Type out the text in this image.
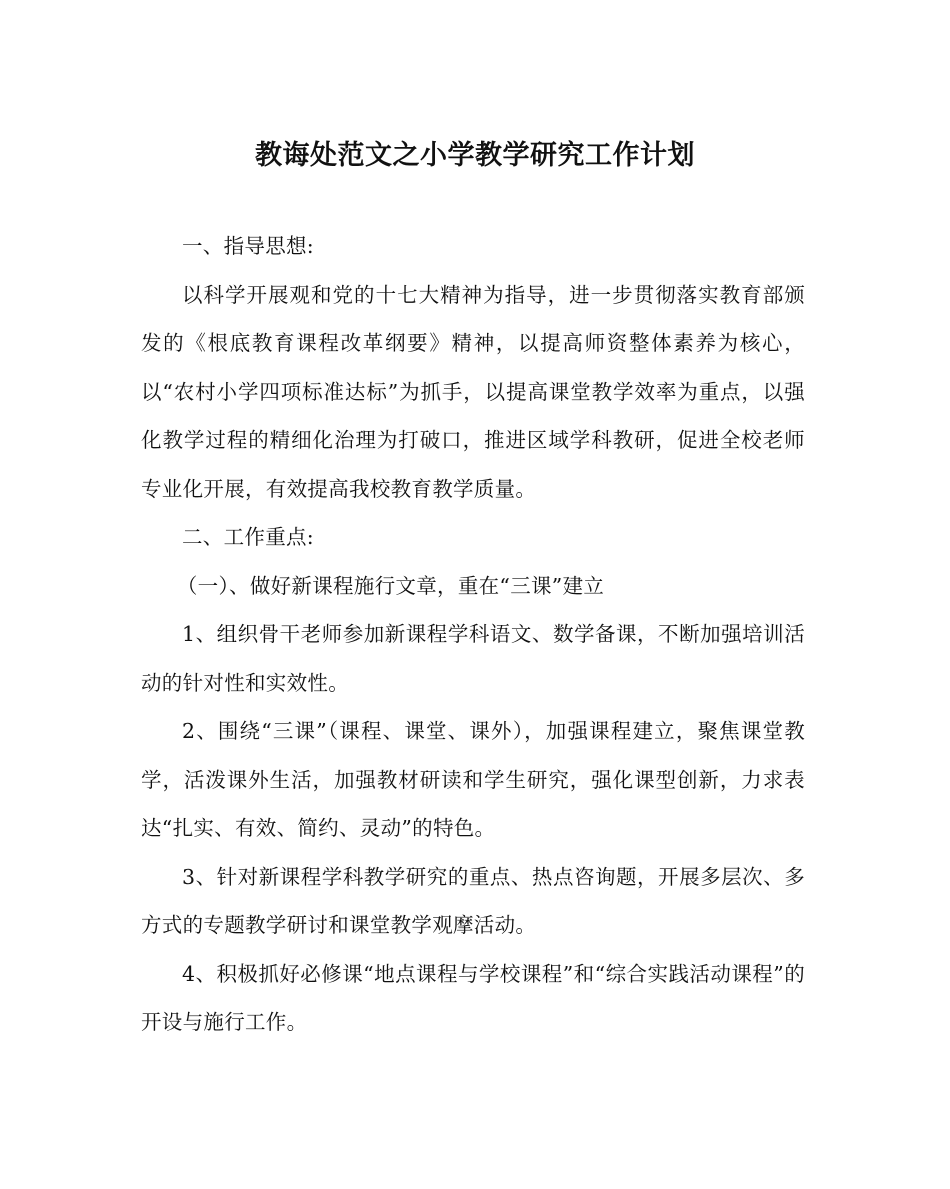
教诲处范文之小学教学研究工作计划

一、指导思想:

以科学开展观和党的十七大精神为指导，进一步贯彻落实教育部颁发的《根底教育课程改革纲要》精神，以提高师资整体素养为核心，以“农村小学四项标准达标”为抓手，以提高课堂教学效率为重点，以强化教学过程的精细化治理为打破口，推进区域学科教研，促进全校老师专业化开展，有效提高我校教育教学质量。

二、工作重点:

（一）、做好新课程施行文章，重在“三课”建立

1、组织骨干老师参加新课程学科语文、数学备课，不断加强培训活动的针对性和实效性。

2、围绕“三课”（课程、课堂、课外），加强课程建立，聚焦课堂教学，活泼课外生活，加强教材研读和学生研究，强化课型创新，力求表达“扎实、有效、简约、灵动”的特色。

3、针对新课程学科教学研究的重点、热点咨询题，开展多层次、多方式的专题教学研讨和课堂教学观摩活动。

4、积极抓好必修课“地点课程与学校课程”和“综合实践活动课程”的开设与施行工作。
